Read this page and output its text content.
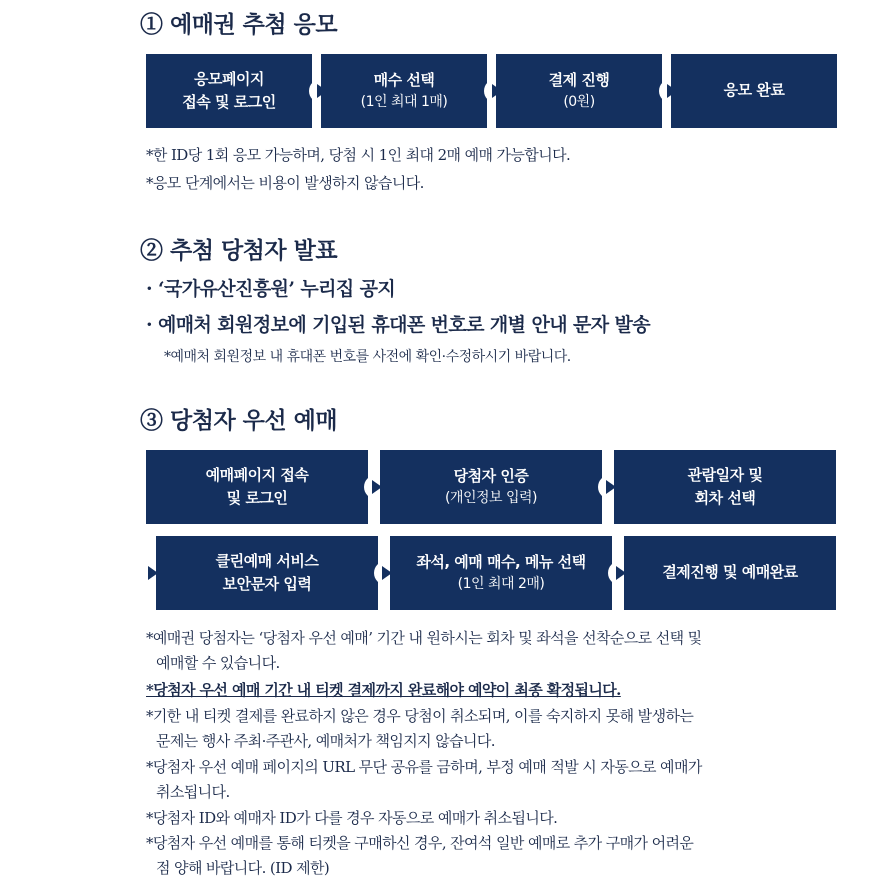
① 예매권 추첨 응모
응모페이지
접속 및 로그인
매수 선택
(1인 최대 1매)
결제 진행
(0원)
응모 완료
*한 ID당 1회 응모 가능하며, 당첨 시 1인 최대 2매 예매 가능합니다.
*응모 단계에서는 비용이 발생하지 않습니다.
② 추첨 당첨자 발표
· ‘국가유산진흥원’ 누리집 공지
· 예매처 회원정보에 기입된 휴대폰 번호로 개별 안내 문자 발송
*예매처 회원정보 내 휴대폰 번호를 사전에 확인·수정하시기 바랍니다.
③ 당첨자 우선 예매
예매페이지 접속
및 로그인
당첨자 인증
(개인정보 입력)
관람일자 및
회차 선택
클린예매 서비스
보안문자 입력
좌석, 예매 매수, 메뉴 선택
(1인 최대 2매)
결제진행 및 예매완료
*예매권 당첨자는 ‘당첨자 우선 예매’ 기간 내 원하시는 회차 및 좌석을 선착순으로 선택 및
예매할 수 있습니다.
*당첨자 우선 예매 기간 내 티켓 결제까지 완료해야 예약이 최종 확정됩니다.
*기한 내 티켓 결제를 완료하지 않은 경우 당첨이 취소되며, 이를 숙지하지 못해 발생하는
문제는 행사 주최·주관사, 예매처가 책임지지 않습니다.
*당첨자 우선 예매 페이지의 URL 무단 공유를 금하며, 부정 예매 적발 시 자동으로 예매가
취소됩니다.
*당첨자 ID와 예매자 ID가 다를 경우 자동으로 예매가 취소됩니다.
*당첨자 우선 예매를 통해 티켓을 구매하신 경우, 잔여석 일반 예매로 추가 구매가 어려운
점 양해 바랍니다. (ID 제한)
